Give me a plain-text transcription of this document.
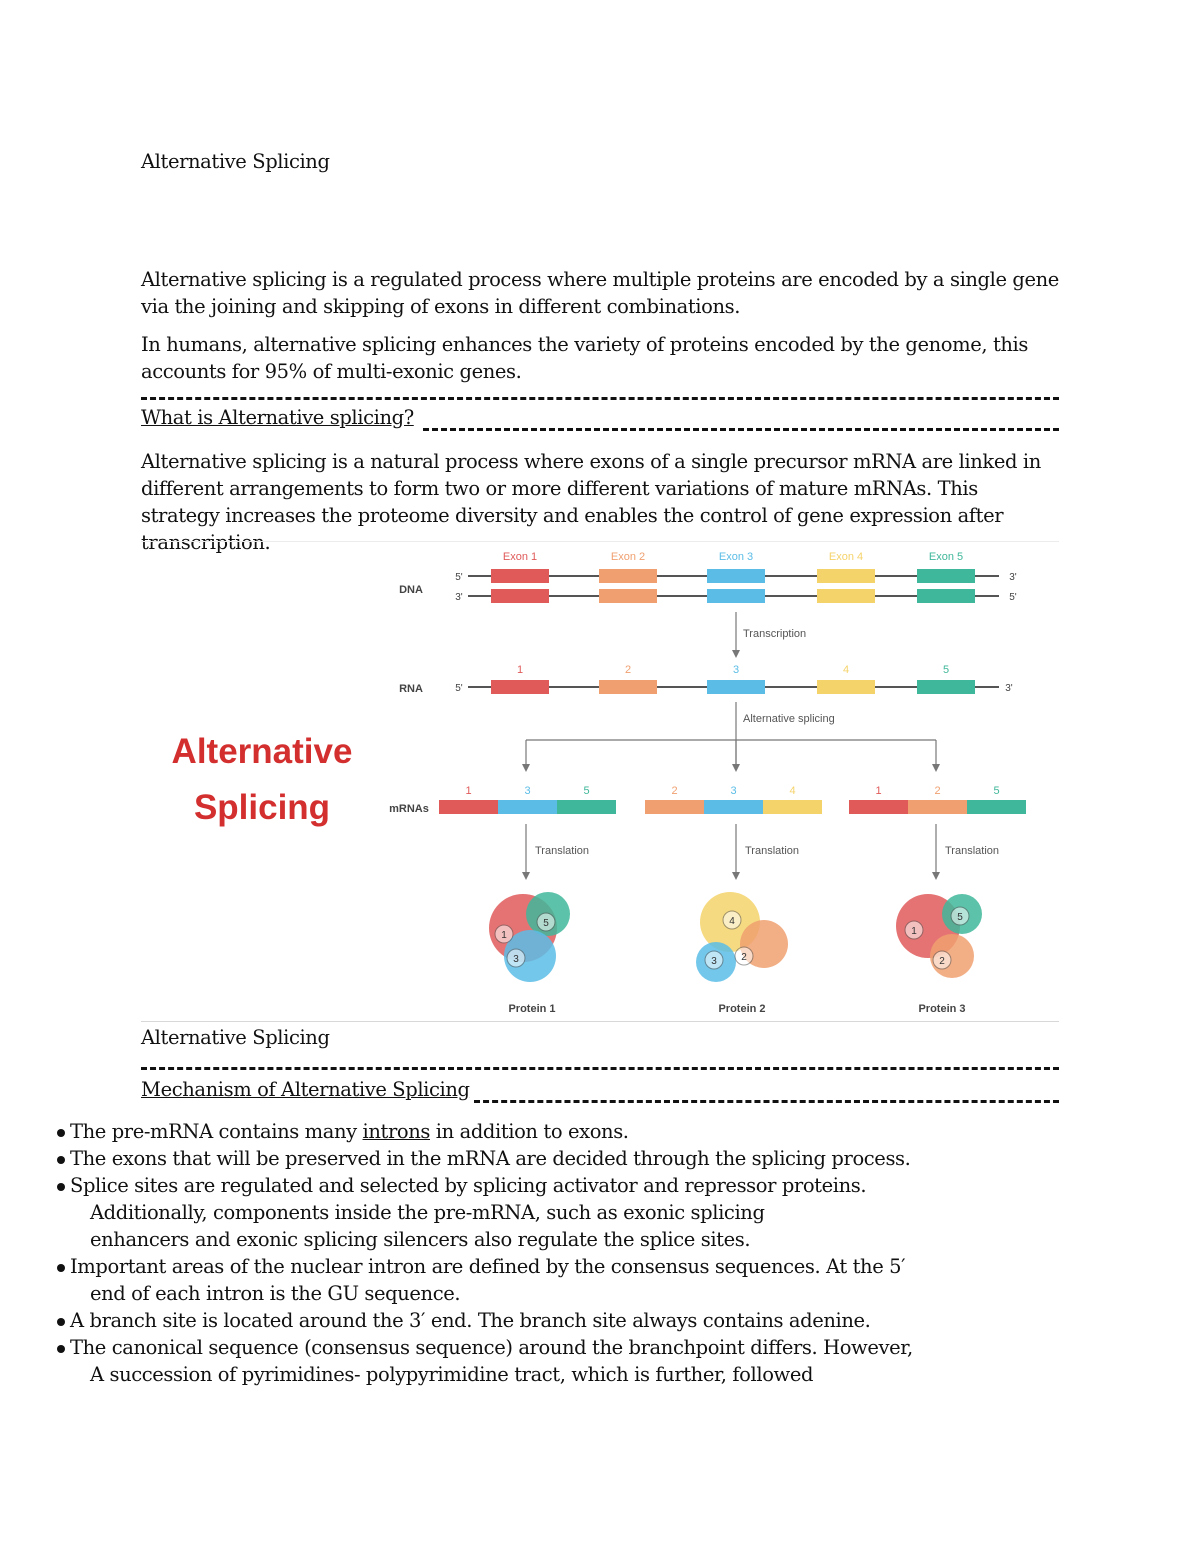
Alternative Splicing
Alternative splicing is a regulated process where multiple proteins are encoded by a single gene via the joining and skipping of exons in different combinations.
In humans, alternative splicing enhances the variety of proteins encoded by the genome, this accounts for 95% of multi-exonic genes.
What is Alternative splicing?
Alternative splicing is a natural process where exons of a single precursor mRNA are linked in different arrangements to form two or more different variations of mature mRNAs. This strategy increases the proteome diversity and enables the control of gene expression after transcription.
Alternative Splicing
Mechanism of Alternative Splicing
Alternative
Splicing
Exon 1	Exon 2	Exon 3	Exon 4	Exon 5
DNA
5'	3'
3'	5'
Transcription
RNA	5'	3'
1	2	3	4	5
Alternative splicing
mRNAs
1	3	5
Translation
2	3	4
Translation
1	2	5
Translation
1
5
3
Protein 1
4
2
3
Protein 2
1
5
2
Protein 3
The pre-mRNA contains many introns in addition to exons.
The exons that will be preserved in the mRNA are decided through the splicing process.
Splice sites are regulated and selected by splicing activator and repressor proteins.
Additionally, components inside the pre-mRNA, such as exonic splicing enhancers and exonic splicing silencers also regulate the splice sites.
Important areas of the nuclear intron are defined by the consensus sequences. At the 5′
end of each intron is the GU sequence.
A branch site is located around the 3′ end. The branch site always contains adenine.
The canonical sequence (consensus sequence) around the branchpoint differs. However,
A succession of pyrimidines- polypyrimidine tract, which is further, followed
